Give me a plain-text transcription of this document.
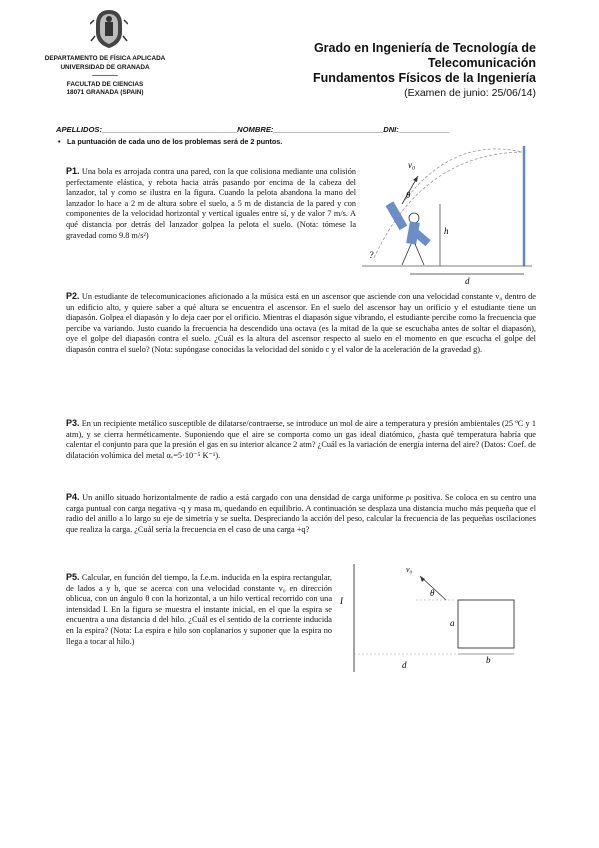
DEPARTAMENTO DE FÍSICA APLICADA
UNIVERSIDAD DE GRANADA
————
FACULTAD DE CIENCIAS
18071 GRANADA (SPAIN)
Grado en Ingeniería de Tecnología de
Telecomunicación
Fundamentos Físicos de la Ingeniería
(Examen de junio: 25/06/14)
APELLIDOS:________________________________NOMBRE:__________________________DNI:____________
• La puntuación de cada uno de los problemas será de 2 puntos.
P1. Una bola es arrojada contra una pared, con la que colisiona mediante una colisión perfectamente elástica, y rebota hacia atrás pasando por encima de la cabeza del lanzador, tal y como se ilustra en la figura. Cuando la pelota abandona la mano del lanzador lo hace a 2 m de altura sobre el suelo, a 5 m de distancia de la pared y con componentes de la velocidad horizontal y vertical iguales entre sí, y de valor 7 m/s. A qué distancia por detrás del lanzador golpea la pelota el suelo. (Nota: tómese la gravedad como 9.8 m/s²)
v₀
θ
h
d
?
P2. Un estudiante de telecomunicaciones aficionado a la música está en un ascensor que asciende con una velocidad constante v₀ dentro de un edificio alto, y quiere saber a qué altura se encuentra el ascensor. En el suelo del ascensor hay un orificio y el estudiante tiene un diapasón. Golpea el diapasón y lo deja caer por el orificio. Mientras el diapasón sigue vibrando, el estudiante percibe como la frecuencia que percibe va variando. Justo cuando la frecuencia ha descendido una octava (es la mitad de la que se escuchaba antes de soltar el diapasón), oye el golpe del diapasón contra el suelo. ¿Cuál es la altura del ascensor respecto al suelo en el momento en que escucha el golpe del diapasón contra el suelo? (Nota: supóngase conocidas la velocidad del sonido c y el valor de la aceleración de la gravedad g).
P3. En un recipiente metálico susceptible de dilatarse/contraerse, se introduce un mol de aire a temperatura y presión ambientales (25 ºC y 1 atm), y se cierra herméticamente. Suponiendo que el aire se comporta como un gas ideal diatómico, ¿hasta qué temperatura habría que calentar el conjunto para que la presión el gas en su interior alcance 2 atm? ¿Cuál es la variación de energía interna del aire? (Datos: Coef. de dilatación volúmica del metal αᵥ=5·10⁻⁵ K⁻¹).
P4. Un anillo situado horizontalmente de radio a está cargado con una densidad de carga uniforme ρₗ positiva. Se coloca en su centro una carga puntual con carga negativa -q y masa m, quedando en equilibrio. A continuación se desplaza una distancia mucho más pequeña que el radio del anillo a lo largo su eje de simetría y se suelta. Despreciando la acción del peso, calcular la frecuencia de las pequeñas oscilaciones que realiza la carga. ¿Cuál sería la frecuencia en el caso de una carga +q?
P5. Calcular, en función del tiempo, la f.e.m. inducida en la espira rectangular, de lados a y b, que se acerca con una velocidad constante v₀ en dirección oblicua, con un ángulo θ con la horizontal, a un hilo vertical recorrido con una intensidad I. En la figura se muestra el instante inicial, en el que la espira se encuentra a una distancia d del hilo. ¿Cuál es el sentido de la corriente inducida en la espira? (Nota: La espira e hilo son coplanarios y suponer que la espira no llega a tocar al hilo.)
I
v₀
θ
a
b
d
